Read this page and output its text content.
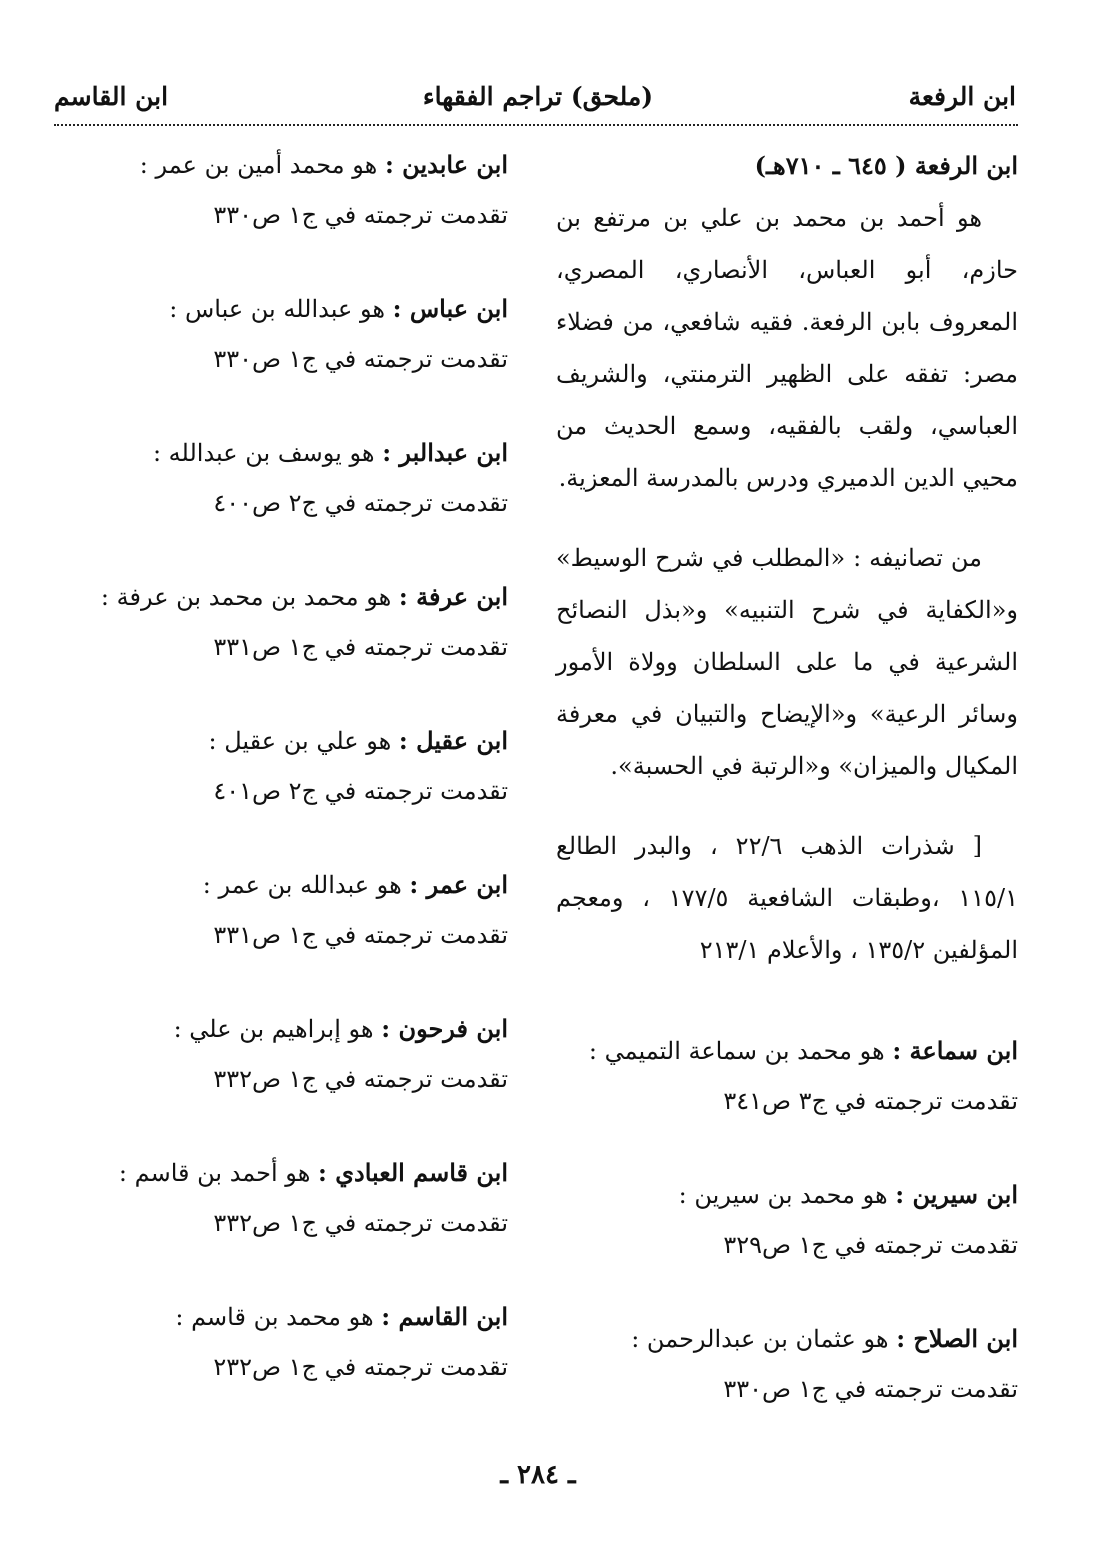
ابن الرفعة
(ملحق) تراجم الفقهاء
ابن القاسم

ابن الرفعة ( ٦٤٥ ـ ٧١٠هـ)

هو أحمد بن محمد بن علي بن مرتفع بن حازم، أبو العباس، الأنصاري، المصري، المعروف بابن الرفعة. فقيه شافعي، من فضلاء مصر: تفقه على الظهير الترمنتي، والشريف العباسي، ولقب بالفقيه، وسمع الحديث من محيي الدين الدميري ودرس بالمدرسة المعزية.

من تصانيفه : «المطلب في شرح الوسيط» و«الكفاية في شرح التنبيه» و«بذل النصائح الشرعية في ما على السلطان وولاة الأمور وسائر الرعية» و«الإيضاح والتبيان في معرفة المكيال والميزان» و«الرتبة في الحسبة».

[ شذرات الذهب ٢٢/٦ ، والبدر الطالع ١١٥/١ ،وطبقات الشافعية ١٧٧/٥ ، ومعجم المؤلفين ١٣٥/٢ ، والأعلام ٢١٣/١

ابن سماعة : هو محمد بن سماعة التميمي :

تقدمت ترجمته في ج٣ ص٣٤١

ابن سيرين : هو محمد بن سيرين :

تقدمت ترجمته في ج١ ص٣٢٩

ابن الصلاح : هو عثمان بن عبدالرحمن :

تقدمت ترجمته في ج١ ص٣٣٠

ابن عابدين : هو محمد أمين بن عمر :

تقدمت ترجمته في ج١ ص٣٣٠

ابن عباس : هو عبدالله بن عباس :

تقدمت ترجمته في ج١ ص٣٣٠

ابن عبدالبر : هو يوسف بن عبدالله :

تقدمت ترجمته في ج٢ ص٤٠٠

ابن عرفة : هو محمد بن محمد بن عرفة :

تقدمت ترجمته في ج١ ص٣٣١

ابن عقيل : هو علي بن عقيل :

تقدمت ترجمته في ج٢ ص٤٠١

ابن عمر : هو عبدالله بن عمر :

تقدمت ترجمته في ج١ ص٣٣١

ابن فرحون : هو إبراهيم بن علي :

تقدمت ترجمته في ج١ ص٣٣٢

ابن قاسم العبادي : هو أحمد بن قاسم :

تقدمت ترجمته في ج١ ص٣٣٢

ابن القاسم : هو محمد بن قاسم :

تقدمت ترجمته في ج١ ص٢٣٢

ـ ٢٨٤ ـ
